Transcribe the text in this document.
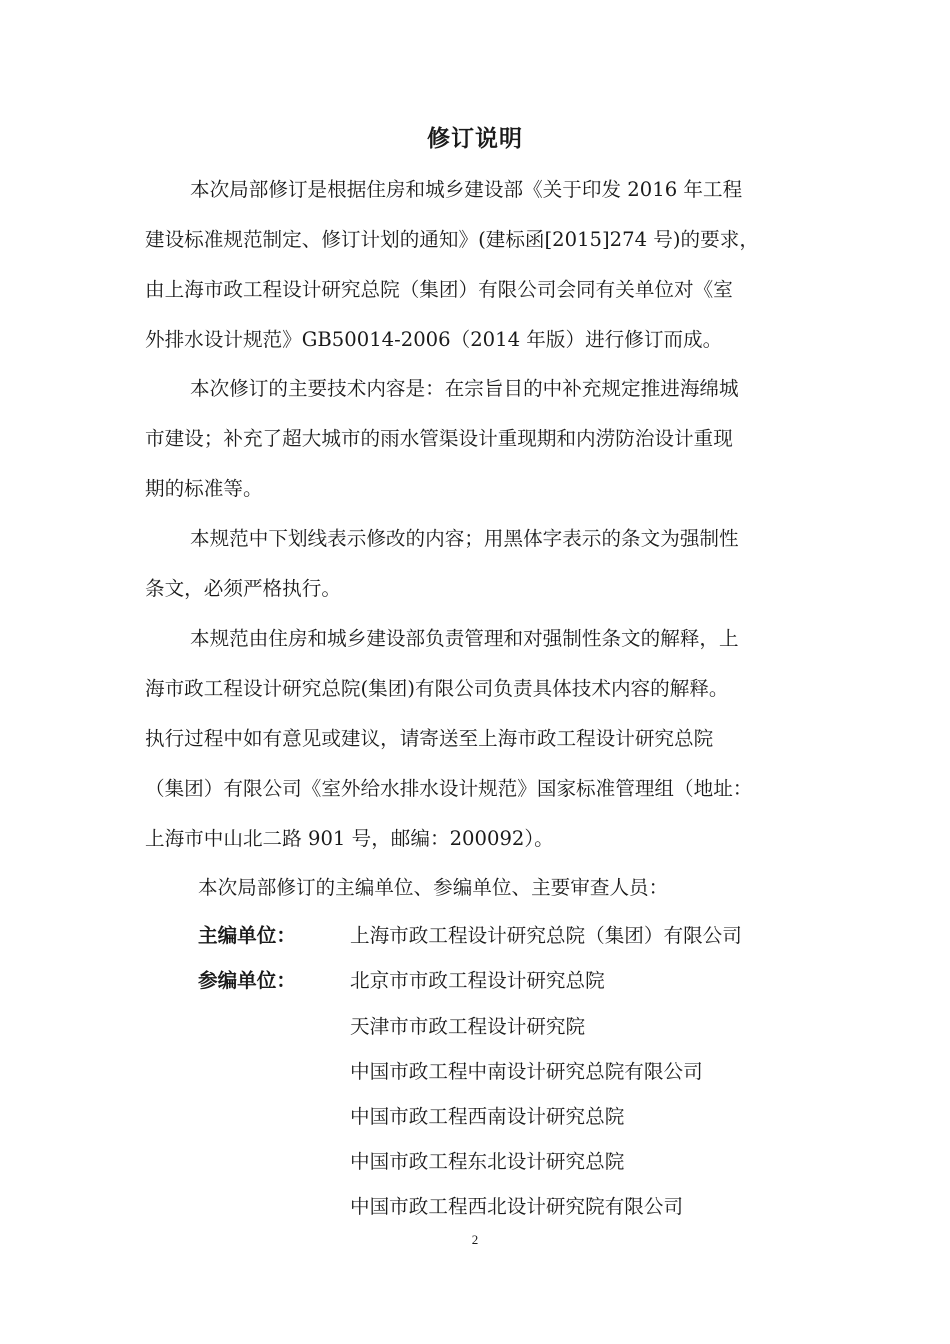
修订说明
本次局部修订是根据住房和城乡建设部《关于印发 2016 年工程
建设标准规范制定、修订计划的通知》(建标函[2015]274 号)的要求，
由上海市政工程设计研究总院（集团）有限公司会同有关单位对《室
外排水设计规范》GB50014-2006（2014 年版）进行修订而成。
本次修订的主要技术内容是：在宗旨目的中补充规定推进海绵城
市建设；补充了超大城市的雨水管渠设计重现期和内涝防治设计重现
期的标准等。
本规范中下划线表示修改的内容；用黑体字表示的条文为强制性
条文，必须严格执行。
本规范由住房和城乡建设部负责管理和对强制性条文的解释，上
海市政工程设计研究总院(集团)有限公司负责具体技术内容的解释。
执行过程中如有意见或建议，请寄送至上海市政工程设计研究总院
（集团）有限公司《室外给水排水设计规范》国家标准管理组（地址：
上海市中山北二路 901 号，邮编：200092）。
本次局部修订的主编单位、参编单位、主要审查人员：
主编单位：	上海市政工程设计研究总院（集团）有限公司
参编单位：	北京市市政工程设计研究总院
天津市市政工程设计研究院
中国市政工程中南设计研究总院有限公司
中国市政工程西南设计研究总院
中国市政工程东北设计研究总院
中国市政工程西北设计研究院有限公司
2
